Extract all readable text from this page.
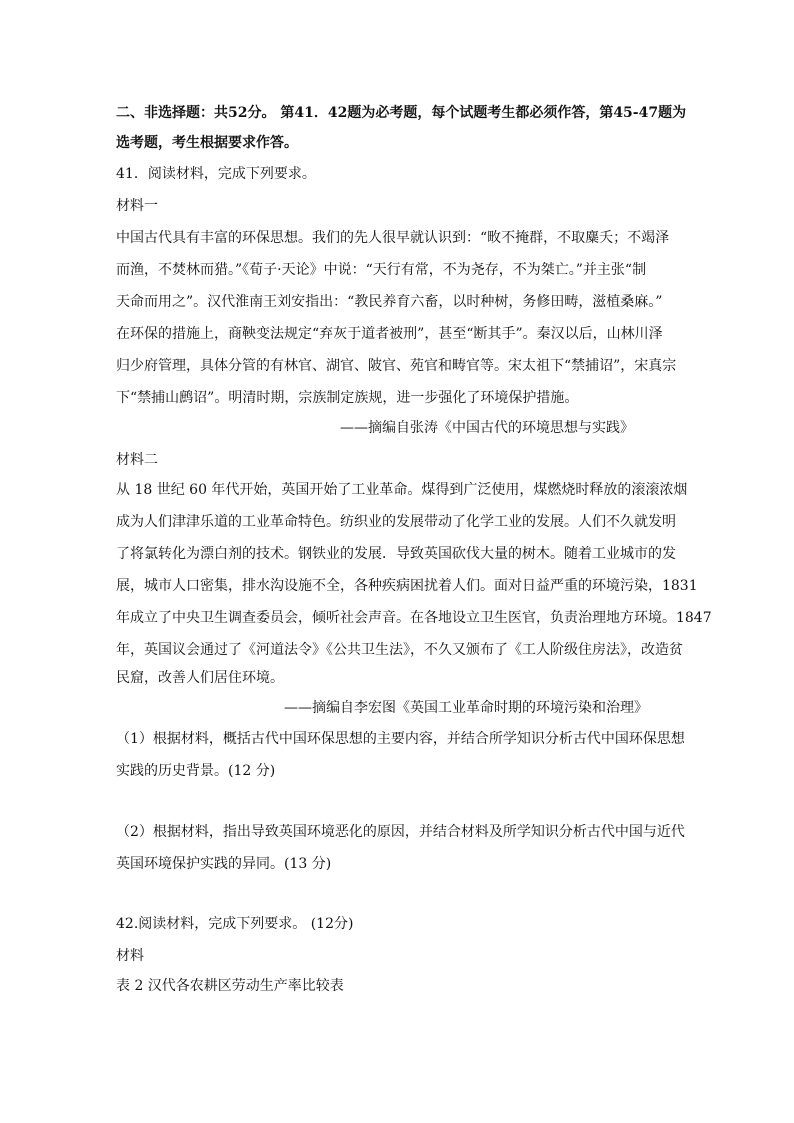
二、非选择题：共52分。 第41．42题为必考题，每个试题考生都必须作答，第45-47题为
选考题，考生根据要求作答。
41．阅读材料，完成下列要求。
材料一
中国古代具有丰富的环保思想。我们的先人很早就认识到：“畋不掩群，不取麋夭；不竭泽
而渔，不焚林而猎。”《荀子·天论》中说：“天行有常，不为尧存，不为桀亡。”并主张“制
天命而用之”。汉代淮南王刘安指出：“教民养育六畜，以时种树，务修田畴，滋植桑麻。”
在环保的措施上，商鞅变法规定“弃灰于道者被刑”，甚至“断其手”。秦汉以后，山林川泽
归少府管理，具体分管的有林官、湖官、陂官、苑官和畴官等。宋太祖下“禁捕诏”，宋真宗
下“禁捕山鹧诏”。明清时期，宗族制定族规，进一步强化了环境保护措施。
——摘编自张涛《中国古代的环境思想与实践》
材料二
从 18 世纪 60 年代开始，英国开始了工业革命。煤得到广泛使用，煤燃烧时释放的滚滚浓烟
成为人们津津乐道的工业革命特色。纺织业的发展带动了化学工业的发展。人们不久就发明
了将氯转化为漂白剂的技术。钢铁业的发展．导致英国砍伐大量的树木。随着工业城市的发
展，城市人口密集，排水沟设施不全，各种疾病困扰着人们。面对日益严重的环境污染，1831
年成立了中央卫生调查委员会，倾听社会声音。在各地设立卫生医官，负责治理地方环境。1847
年，英国议会通过了《河道法令》《公共卫生法》，不久又颁布了《工人阶级住房法》，改造贫
民窟，改善人们居住环境。
——摘编自李宏图《英国工业革命时期的环境污染和治理》
（1）根据材料，概括古代中国环保思想的主要内容，并结合所学知识分析古代中国环保思想
实践的历史背景。(12 分)
（2）根据材料，指出导致英国环境恶化的原因，并结合材料及所学知识分析古代中国与近代
英国环境保护实践的异同。(13 分)
42.阅读材料，完成下列要求。 (12分)
材料
表 2 汉代各农耕区劳动生产率比较表
